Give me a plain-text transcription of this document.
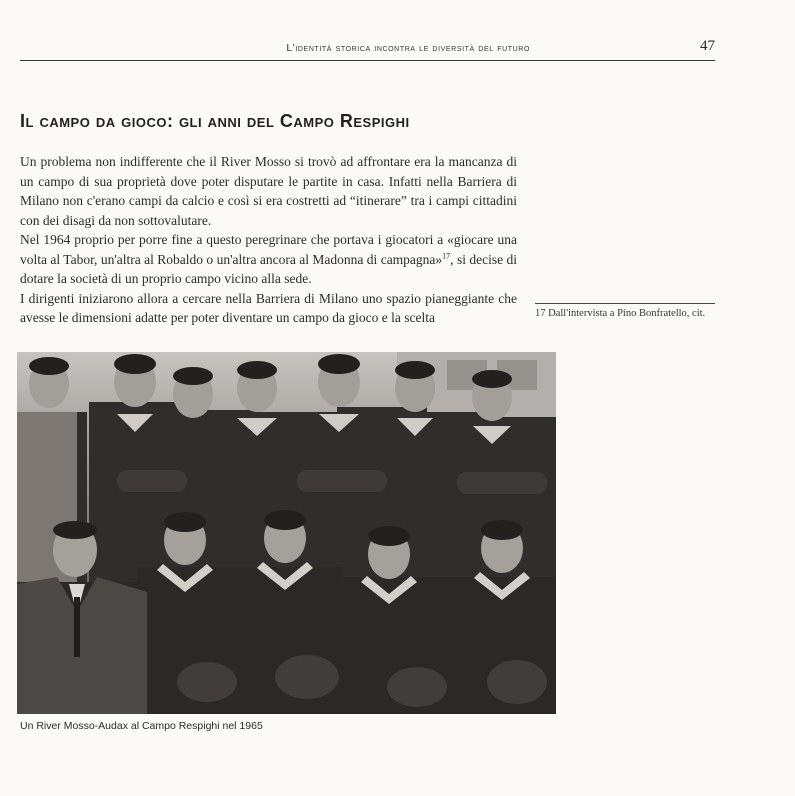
L'identità storica incontra le diversità del futuro	47
Il campo da gioco: gli anni del Campo Respighi

Un problema non indifferente che il River Mosso si trovò ad affrontare era la mancanza di un campo di sua proprietà dove poter disputare le partite in casa. Infatti nella Barriera di Milano non c'erano campi da calcio e così si era costretti ad “itinerare” tra i campi cittadini con dei disagi da non sottovalutare.

Nel 1964 proprio per porre fine a questo peregrinare che portava i giocatori a «giocare una volta al Tabor, un'altra al Robaldo o un'altra ancora al Madonna di campagna»$^{17}$, si decise di dotare la società di un proprio campo vicino alla sede.

I dirigenti iniziarono allora a cercare nella Barriera di Milano uno spazio pianeggiante che avesse le dimensioni adatte per poter diventare un campo da gioco e la scelta	17 Dall'intervista a Pino Bonfratello, cit.
Un River Mosso-Audax al Campo Respighi nel 1965
